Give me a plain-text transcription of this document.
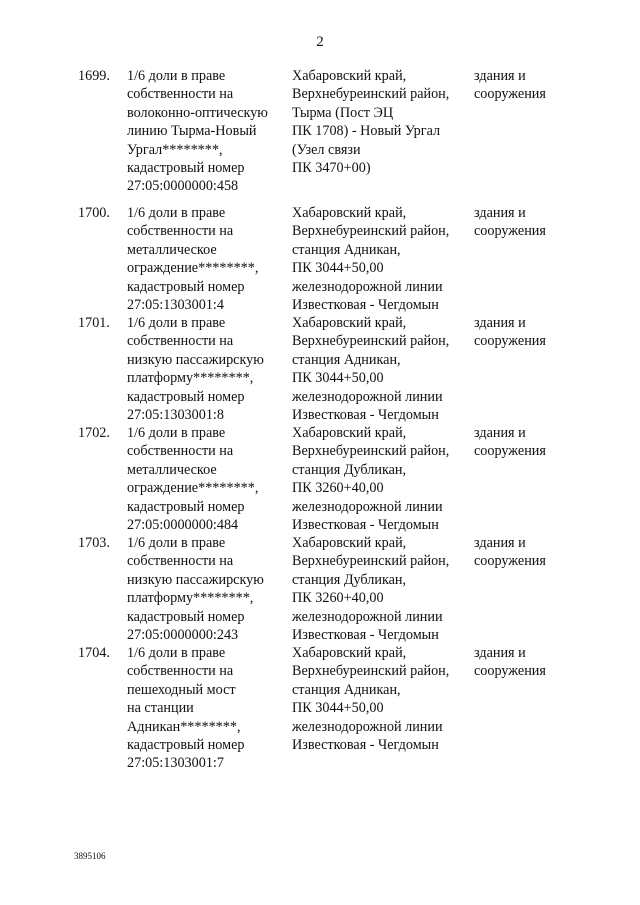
2
1699. 1/6 доли в праве
собственности на
волоконно-оптическую
линию Тырма-Новый
Ургал********,
кадастровый номер
27:05:0000000:458
Хабаровский край,
Верхнебуреинский район,
Тырма (Пост ЭЦ
ПК 1708) - Новый Ургал
(Узел связи
ПК 3470+00)
здания и
сооружения
1700. 1/6 доли в праве
собственности на
металлическое
ограждение********,
кадастровый номер
27:05:1303001:4
Хабаровский край,
Верхнебуреинский район,
станция Адникан,
ПК 3044+50,00
железнодорожной линии
Известковая - Чегдомын
здания и
сооружения
1701. 1/6 доли в праве
собственности на
низкую пассажирскую
платформу********,
кадастровый номер
27:05:1303001:8
Хабаровский край,
Верхнебуреинский район,
станция Адникан,
ПК 3044+50,00
железнодорожной линии
Известковая - Чегдомын
здания и
сооружения
1702. 1/6 доли в праве
собственности на
металлическое
ограждение********,
кадастровый номер
27:05:0000000:484
Хабаровский край,
Верхнебуреинский район,
станция Дубликан,
ПК 3260+40,00
железнодорожной линии
Известковая - Чегдомын
здания и
сооружения
1703. 1/6 доли в праве
собственности на
низкую пассажирскую
платформу********,
кадастровый номер
27:05:0000000:243
Хабаровский край,
Верхнебуреинский район,
станция Дубликан,
ПК 3260+40,00
железнодорожной линии
Известковая - Чегдомын
здания и
сооружения
1704. 1/6 доли в праве
собственности на
пешеходный мост
на станции
Адникан********,
кадастровый номер
27:05:1303001:7
Хабаровский край,
Верхнебуреинский район,
станция Адникан,
ПК 3044+50,00
железнодорожной линии
Известковая - Чегдомын
здания и
сооружения
3895106
